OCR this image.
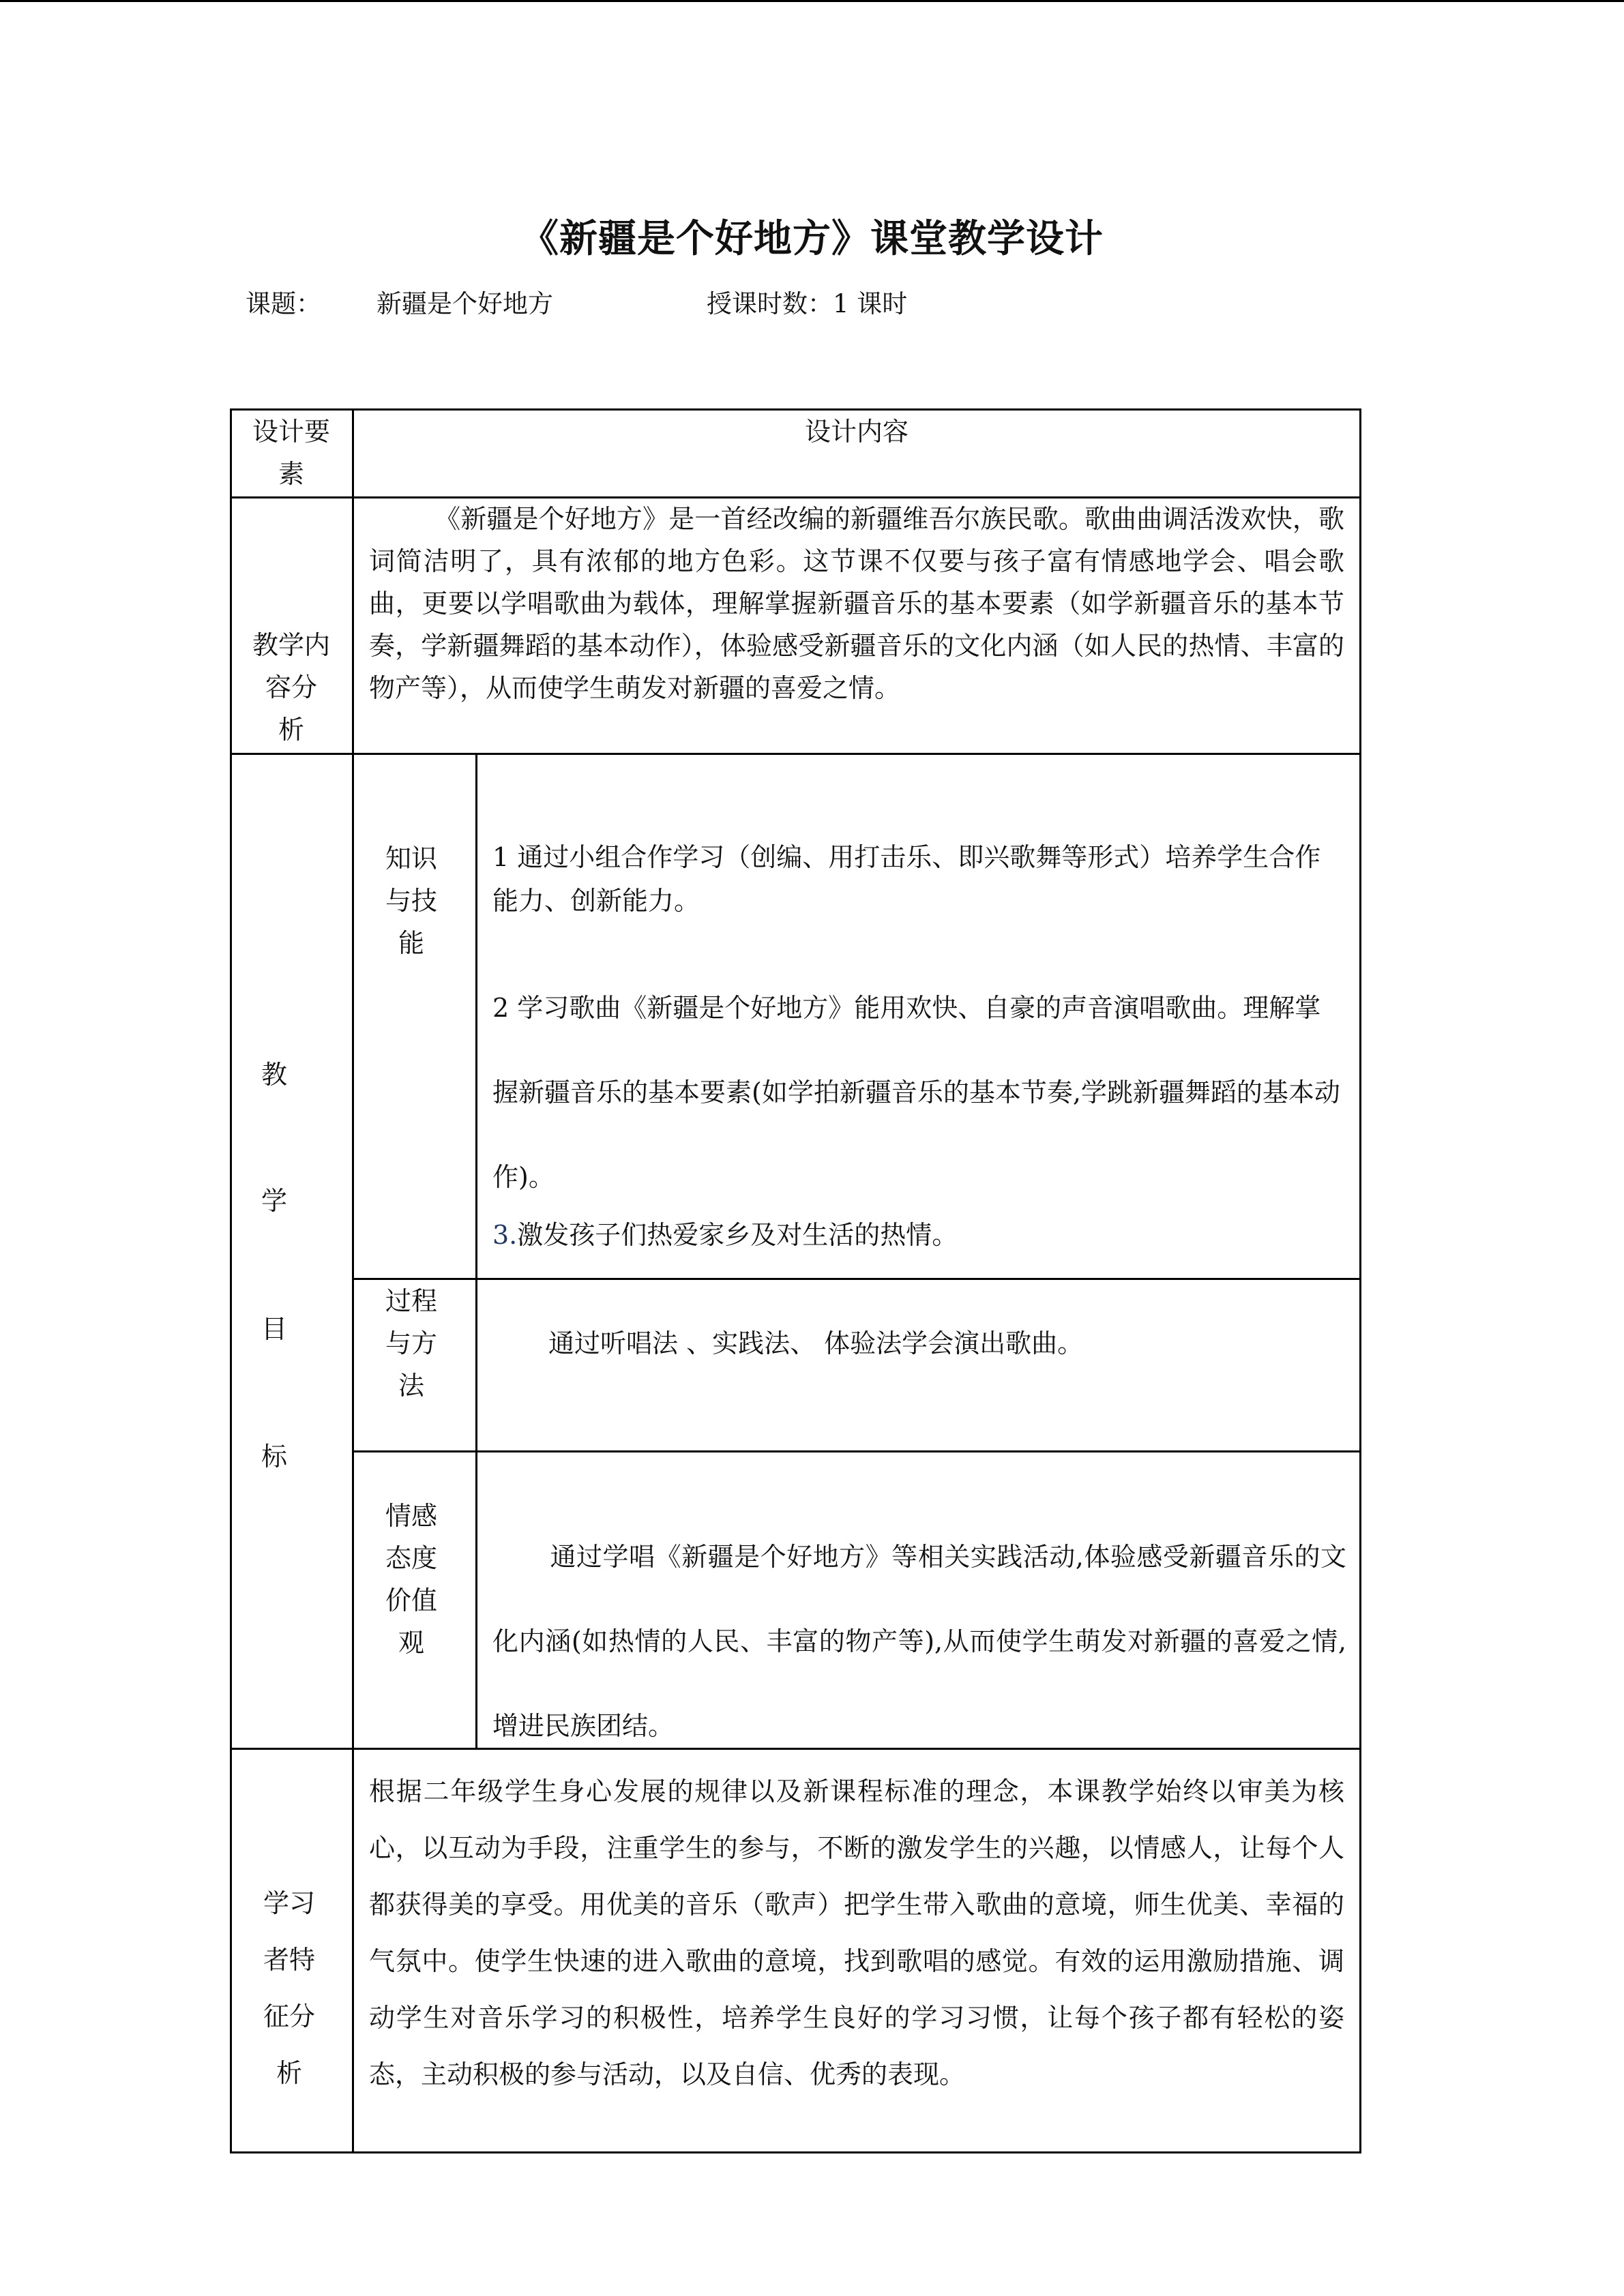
《新疆是个好地方》课堂教学设计
课题： 新疆是个好地方	授课时数：1 课时
设计要素
设计内容
教学内容分 析
《新疆是个好地方》是一首经改编的新疆维吾尔族民歌。歌曲曲调活泼欢快，歌词简洁明了，具有浓郁的地方色彩。这节课不仅要与孩子富有情感地学会、唱会歌曲，更要以学唱歌曲为载体，理解掌握新疆音乐的基本要素（如学新疆音乐的基本节奏，学新疆舞蹈的基本动作），体验感受新疆音乐的文化内涵（如人民的热情、丰富的物产等），从而使学生萌发对新疆的喜爱之情。
教
学
目
标
知识与技能
1 通过小组合作学习（创编、用打击乐、即兴歌舞等形式）培养学生合作能力、创新能力。
2 学习歌曲《新疆是个好地方》能用欢快、自豪的声音演唱歌曲。理解掌握新疆音乐的基本要素(如学拍新疆音乐的基本节奏,学跳新疆舞蹈的基本动作)。
3.激发孩子们热爱家乡及对生活的热情。
过程与方法
通过听唱法 、实践法、 体验法学会演出歌曲。
情感态度价值观
通过学唱《新疆是个好地方》等相关实践活动,体验感受新疆音乐的文化内涵(如热情的人民、丰富的物产等),从而使学生萌发对新疆的喜爱之情,增进民族团结。
学习者特征分析
根据二年级学生身心发展的规律以及新课程标准的理念，本课教学始终以审美为核心，以互动为手段，注重学生的参与，不断的激发学生的兴趣，以情感人，让每个人都获得美的享受。用优美的音乐（歌声）把学生带入歌曲的意境，师生优美、幸福的气氛中。使学生快速的进入歌曲的意境，找到歌唱的感觉。有效的运用激励措施、调动学生对音乐学习的积极性，培养学生良好的学习习惯，让每个孩子都有轻松的姿态，主动积极的参与活动，以及自信、优秀的表现。
